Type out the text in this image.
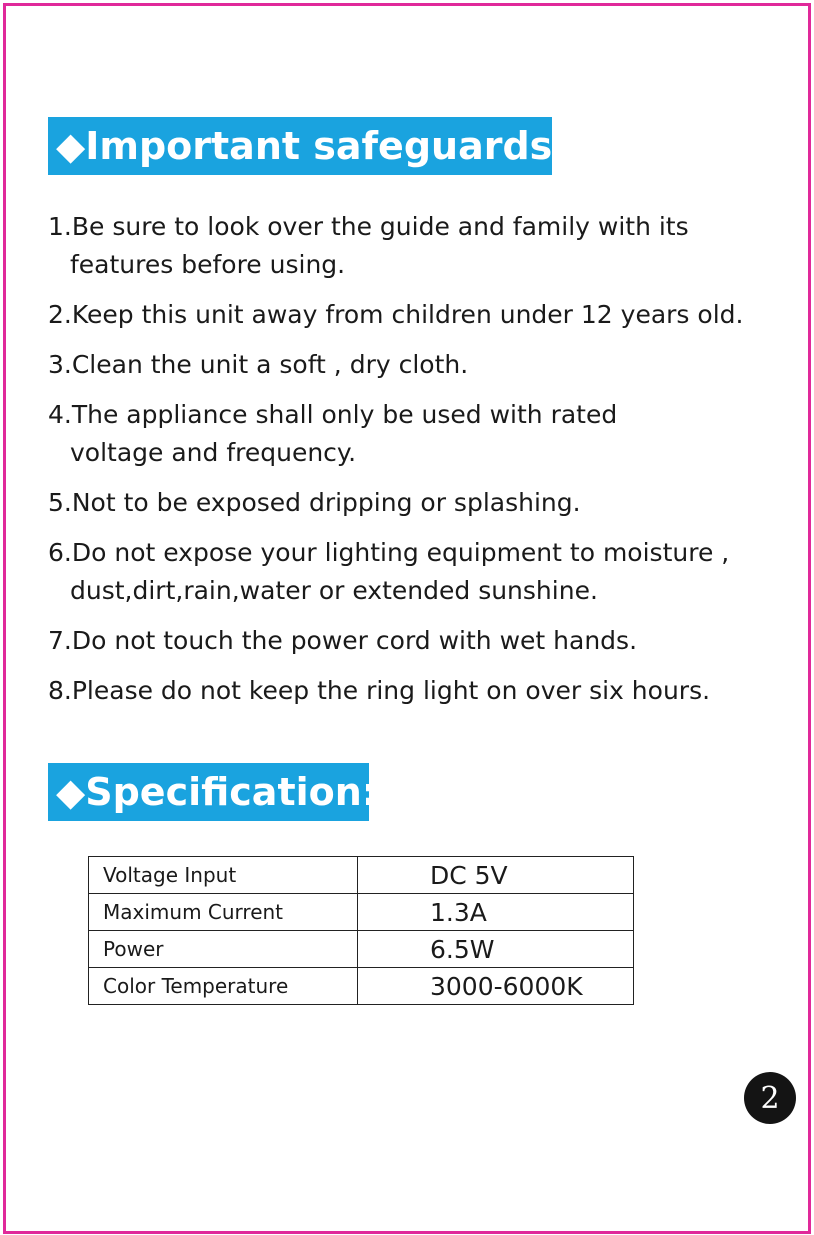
◆Important safeguards:
1.Be sure to look over the guide and family with its
features before using.
2.Keep this unit away from children under 12 years old.
3.Clean the unit a soft , dry cloth.
4.The appliance shall only be used with rated
voltage and frequency.
5.Not to be exposed dripping or splashing.
6.Do not expose your lighting equipment to moisture ,
dust,dirt,rain,water or extended sunshine.
7.Do not touch the power cord with wet hands.
8.Please do not keep the ring light on over six hours.
◆Specification:
Voltage Input	DC 5V
Maximum Current	1.3A
Power	6.5W
Color Temperature	3000-6000K
2
